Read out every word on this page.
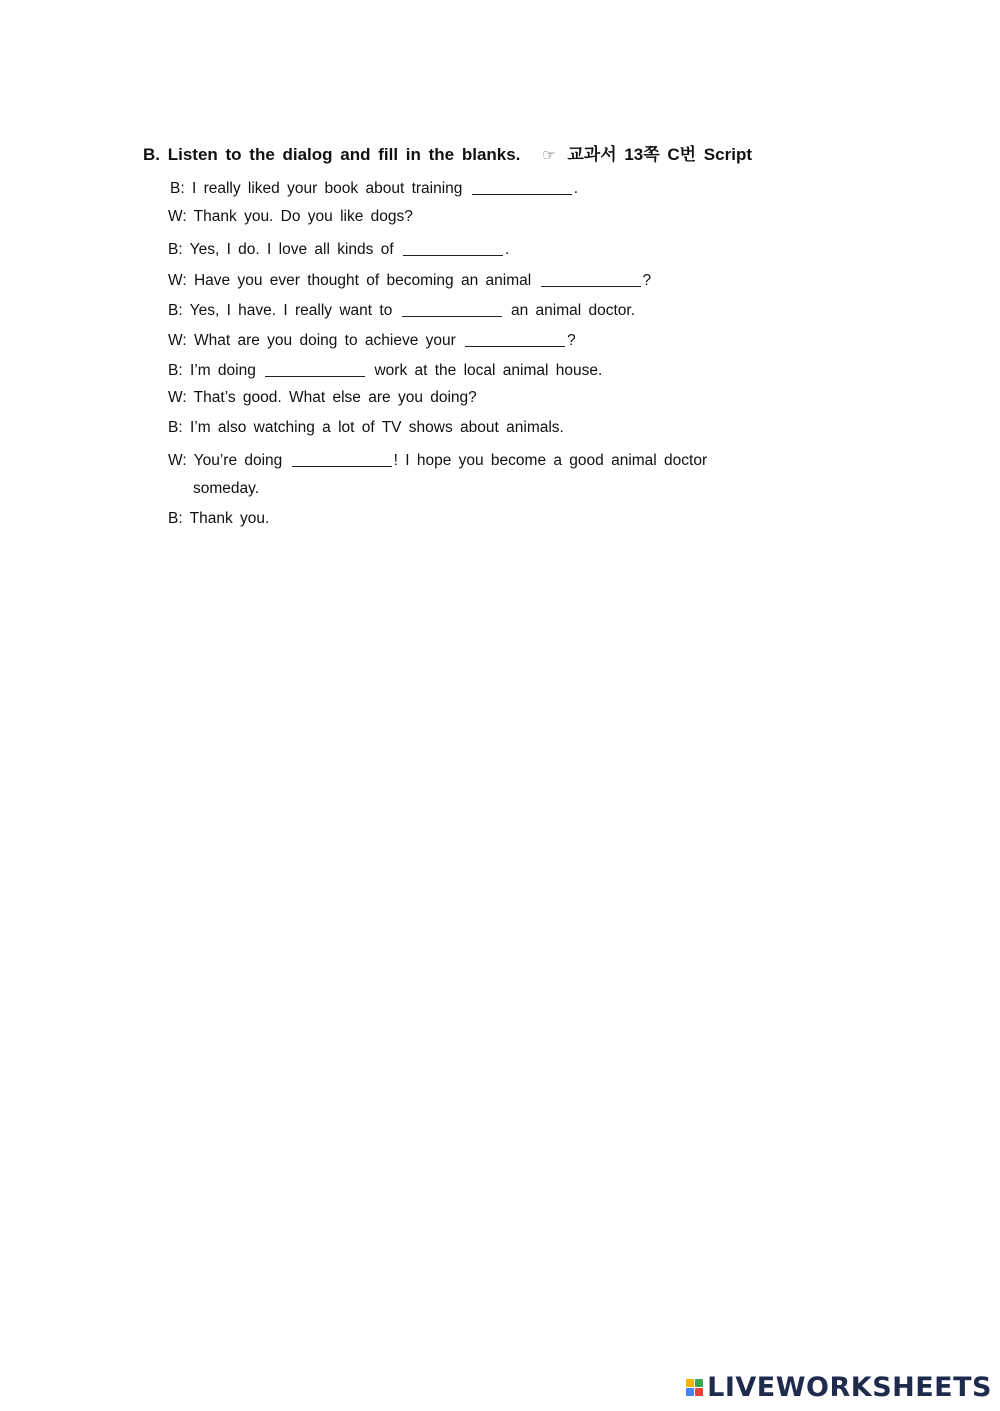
B. Listen to the dialog and fill in the blanks. ☞ 교과서 13쪽 C번 Script
B: I really liked your book about training	.
W: Thank you. Do you like dogs?
B: Yes, I do. I love all kinds of	.
W: Have you ever thought of becoming an animal	?
B: Yes, I have. I really want to	an animal doctor.
W: What are you doing to achieve your	?
B: I’m doing	work at the local animal house.
W: That’s good. What else are you doing?
B: I’m also watching a lot of TV shows about animals.
W: You’re doing	! I hope you become a good animal doctor
someday.
B: Thank you.
LIVEWORKSHEETS
